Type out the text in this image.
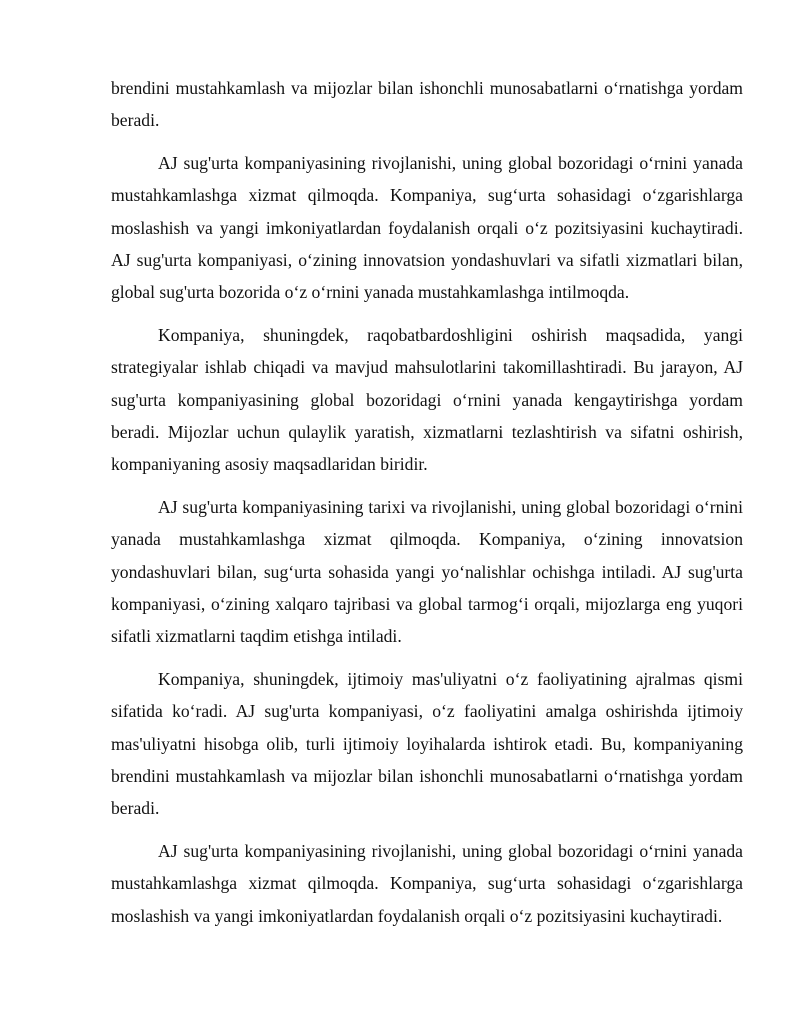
brendini mustahkamlash va mijozlar bilan ishonchli munosabatlarni o‘rnatishga yordam beradi.

AJ sug'urta kompaniyasining rivojlanishi, uning global bozoridagi o‘rnini yanada mustahkamlashga xizmat qilmoqda. Kompaniya, sug‘urta sohasidagi o‘zgarishlarga moslashish va yangi imkoniyatlardan foydalanish orqali o‘z pozitsiyasini kuchaytiradi. AJ sug'urta kompaniyasi, o‘zining innovatsion yondashuvlari va sifatli xizmatlari bilan, global sug'urta bozorida o‘z o‘rnini yanada mustahkamlashga intilmoqda.

Kompaniya, shuningdek, raqobatbardoshligini oshirish maqsadida, yangi strategiyalar ishlab chiqadi va mavjud mahsulotlarini takomillashtiradi. Bu jarayon, AJ sug'urta kompaniyasining global bozoridagi o‘rnini yanada kengaytirishga yordam beradi. Mijozlar uchun qulaylik yaratish, xizmatlarni tezlashtirish va sifatni oshirish, kompaniyaning asosiy maqsadlaridan biridir.

AJ sug'urta kompaniyasining tarixi va rivojlanishi, uning global bozoridagi o‘rnini yanada mustahkamlashga xizmat qilmoqda. Kompaniya, o‘zining innovatsion yondashuvlari bilan, sug‘urta sohasida yangi yo‘nalishlar ochishga intiladi. AJ sug'urta kompaniyasi, o‘zining xalqaro tajribasi va global tarmog‘i orqali, mijozlarga eng yuqori sifatli xizmatlarni taqdim etishga intiladi.

Kompaniya, shuningdek, ijtimoiy mas'uliyatni o‘z faoliyatining ajralmas qismi sifatida ko‘radi. AJ sug'urta kompaniyasi, o‘z faoliyatini amalga oshirishda ijtimoiy mas'uliyatni hisobga olib, turli ijtimoiy loyihalarda ishtirok etadi. Bu, kompaniyaning brendini mustahkamlash va mijozlar bilan ishonchli munosabatlarni o‘rnatishga yordam beradi.

AJ sug'urta kompaniyasining rivojlanishi, uning global bozoridagi o‘rnini yanada mustahkamlashga xizmat qilmoqda. Kompaniya, sug‘urta sohasidagi o‘zgarishlarga moslashish va yangi imkoniyatlardan foydalanish orqali o‘z pozitsiyasini kuchaytiradi.
